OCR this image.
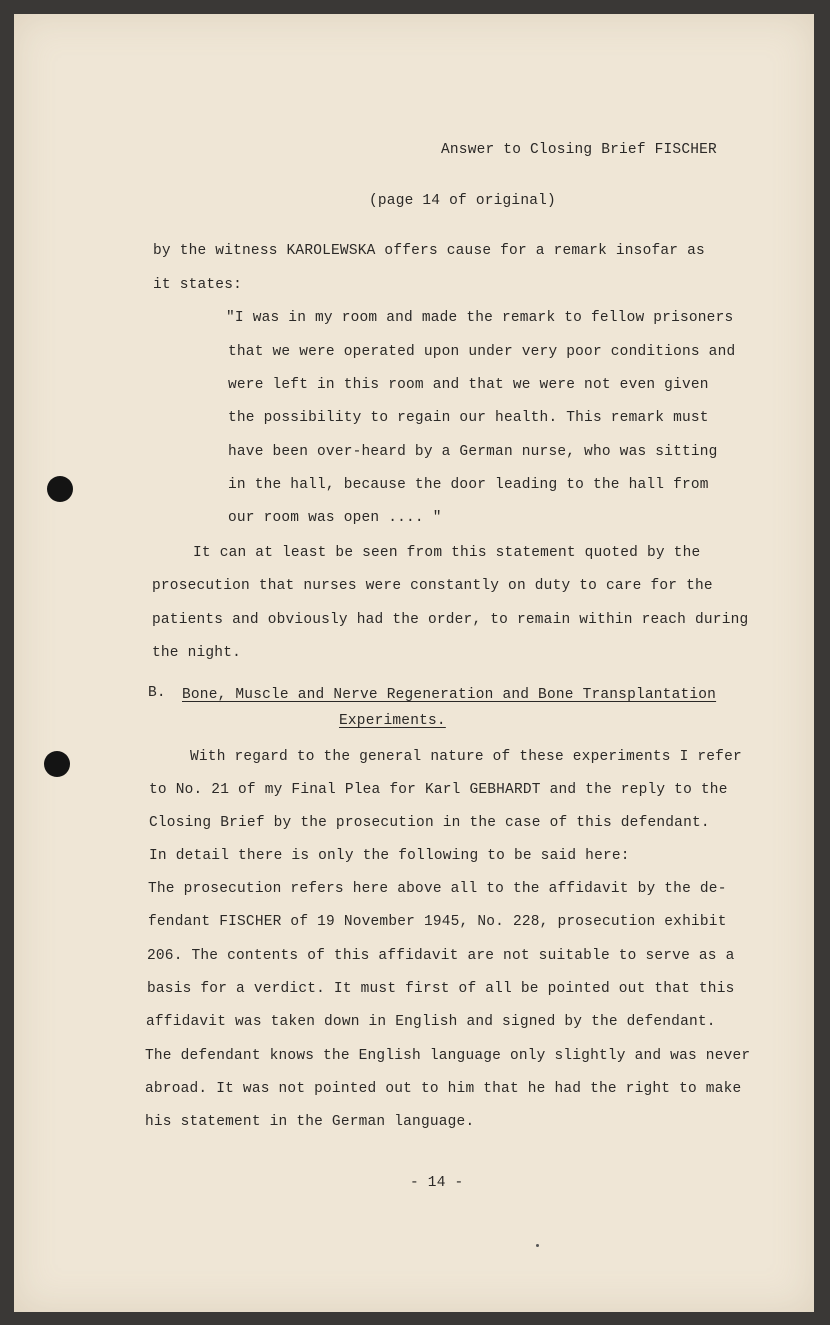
Answer to Closing Brief FISCHER
(page 14 of original)
by the witness KAROLEWSKA offers cause for a remark insofar as
it states:
"I was in my room and made the remark to fellow prisoners
that we were operated upon under very poor conditions and
were left in this room and that we were not even given
the possibility to regain our health. This remark must
have been over-heard by a German nurse, who was sitting
in the hall, because the door leading to the hall from
our room was open .... "
It can at least be seen from this statement quoted by the
prosecution that nurses were constantly on duty to care for the
patients and obviously had the order, to remain within reach during
the night.
B. Bone, Muscle and Nerve Regeneration and Bone Transplantation
Experiments.
With regard to the general nature of these experiments I refer
to No. 21 of my Final Plea for Karl GEBHARDT and the reply to the
Closing Brief by the prosecution in the case of this defendant.
In detail there is only the following to be said here:
The prosecution refers here above all to the affidavit by the de-
fendant FISCHER of 19 November 1945, No. 228, prosecution exhibit
206. The contents of this affidavit are not suitable to serve as a
basis for a verdict. It must first of all be pointed out that this
affidavit was taken down in English and signed by the defendant.
The defendant knows the English language only slightly and was never
abroad. It was not pointed out to him that he had the right to make
his statement in the German language.
- 14 -
